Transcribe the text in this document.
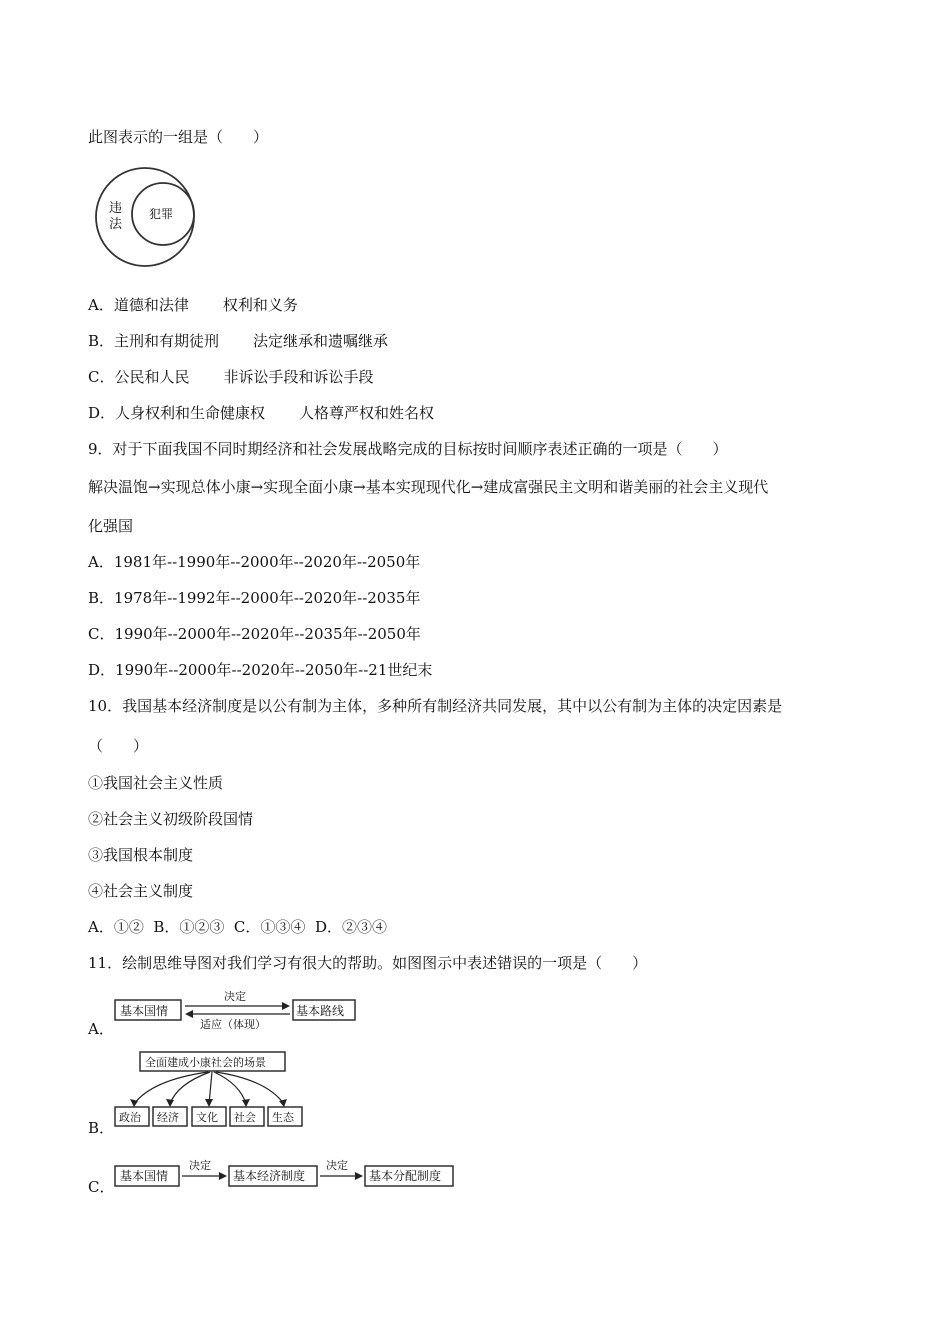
此图表示的一组是（　　）
违
法
犯罪
A．道德和法律 权利和义务
B．主刑和有期徒刑 法定继承和遗嘱继承
C．公民和人民 非诉讼手段和诉讼手段
D．人身权利和生命健康权 人格尊严权和姓名权
9．对于下面我国不同时期经济和社会发展战略完成的目标按时间顺序表述正确的一项是（　　）
解决温饱→实现总体小康→实现全面小康→基本实现现代化→建成富强民主文明和谐美丽的社会主义现代
化强国
A．1981年--1990年--2000年--2020年--2050年
B．1978年--1992年--2000年--2020年--2035年
C．1990年--2000年--2020年--2035年--2050年
D．1990年--2000年--2020年--2050年--21世纪末
10．我国基本经济制度是以公有制为主体，多种所有制经济共同发展，其中以公有制为主体的决定因素是
（　　）
①我国社会主义性质
②社会主义初级阶段国情
③我国根本制度
④社会主义制度
A．①②  B．①②③  C．①③④  D．②③④
11．绘制思维导图对我们学习有很大的帮助。如图图示中表述错误的一项是（　　）
A．
基本国情	基本路线
决定
适应（体现）
B．
全面建成小康社会的场景
政治 经济 文化 社会 生态
C．
基本国情
决定
基本经济制度
决定
基本分配制度
